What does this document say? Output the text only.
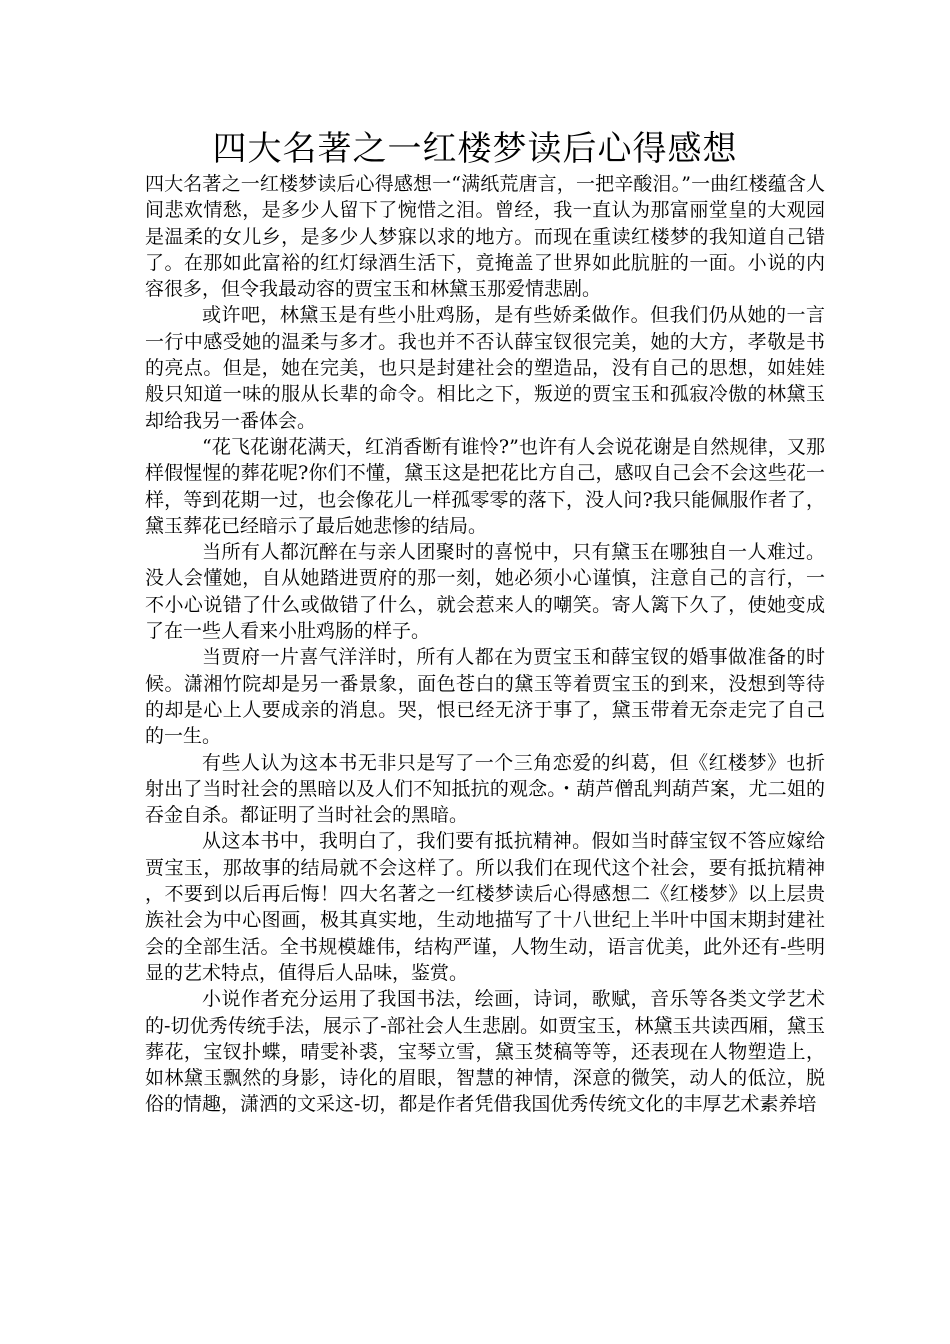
四大名著之一红楼梦读后心得感想

四大名著之一红楼梦读后心得感想一“满纸荒唐言，一把辛酸泪。”一曲红楼蕴含人间悲欢情愁，是多少人留下了惋惜之泪。曾经，我一直认为那富丽堂皇的大观园是温柔的女儿乡，是多少人梦寐以求的地方。而现在重读红楼梦的我知道自己错了。在那如此富裕的红灯绿酒生活下，竟掩盖了世界如此肮脏的一面。小说的内容很多，但令我最动容的贾宝玉和林黛玉那爱情悲剧。

或许吧，林黛玉是有些小肚鸡肠，是有些娇柔做作。但我们仍从她的一言一行中感受她的温柔与多才。我也并不否认薛宝钗很完美，她的大方，孝敬是书的亮点。但是，她在完美，也只是封建社会的塑造品，没有自己的思想，如娃娃般只知道一味的服从长辈的命令。相比之下，叛逆的贾宝玉和孤寂冷傲的林黛玉却给我另一番体会。

“花飞花谢花满天，红消香断有谁怜?”也许有人会说花谢是自然规律，又那样假惺惺的葬花呢?你们不懂，黛玉这是把花比方自己，感叹自己会不会这些花一样，等到花期一过，也会像花儿一样孤零零的落下，没人问?我只能佩服作者了，黛玉葬花已经暗示了最后她悲惨的结局。

当所有人都沉醉在与亲人团聚时的喜悦中，只有黛玉在哪独自一人难过。没人会懂她，自从她踏进贾府的那一刻，她必须小心谨慎，注意自己的言行，一不小心说错了什么或做错了什么，就会惹来人的嘲笑。寄人篱下久了，使她变成了在一些人看来小肚鸡肠的样子。

当贾府一片喜气洋洋时，所有人都在为贾宝玉和薛宝钗的婚事做准备的时候。潇湘竹院却是另一番景象，面色苍白的黛玉等着贾宝玉的到来，没想到等待的却是心上人要成亲的消息。哭，恨已经无济于事了，黛玉带着无奈走完了自己的一生。

有些人认为这本书无非只是写了一个三角恋爱的纠葛，但《红楼梦》也折射出了当时社会的黑暗以及人们不知抵抗的观念。・葫芦僧乱判葫芦案，尤二姐的吞金自杀。都证明了当时社会的黑暗。

从这本书中，我明白了，我们要有抵抗精神。假如当时薛宝钗不答应嫁给贾宝玉，那故事的结局就不会这样了。所以我们在现代这个社会，要有抵抗精神，不要到以后再后悔！四大名著之一红楼梦读后心得感想二《红楼梦》以上层贵族社会为中心图画，极其真实地，生动地描写了十八世纪上半叶中国末期封建社会的全部生活。全书规模雄伟，结构严谨，人物生动，语言优美，此外还有-些明显的艺术特点，值得后人品味，鉴赏。

小说作者充分运用了我国书法，绘画，诗词，歌赋，音乐等各类文学艺术的-切优秀传统手法，展示了-部社会人生悲剧。如贾宝玉，林黛玉共读西厢，黛玉葬花，宝钗扑蝶，晴雯补裘，宝琴立雪，黛玉焚稿等等，还表现在人物塑造上，如林黛玉飘然的身影，诗化的眉眼，智慧的神情，深意的微笑，动人的低泣，脱俗的情趣，潇洒的文采这-切，都是作者凭借我国优秀传统文化的丰厚艺术素养培
